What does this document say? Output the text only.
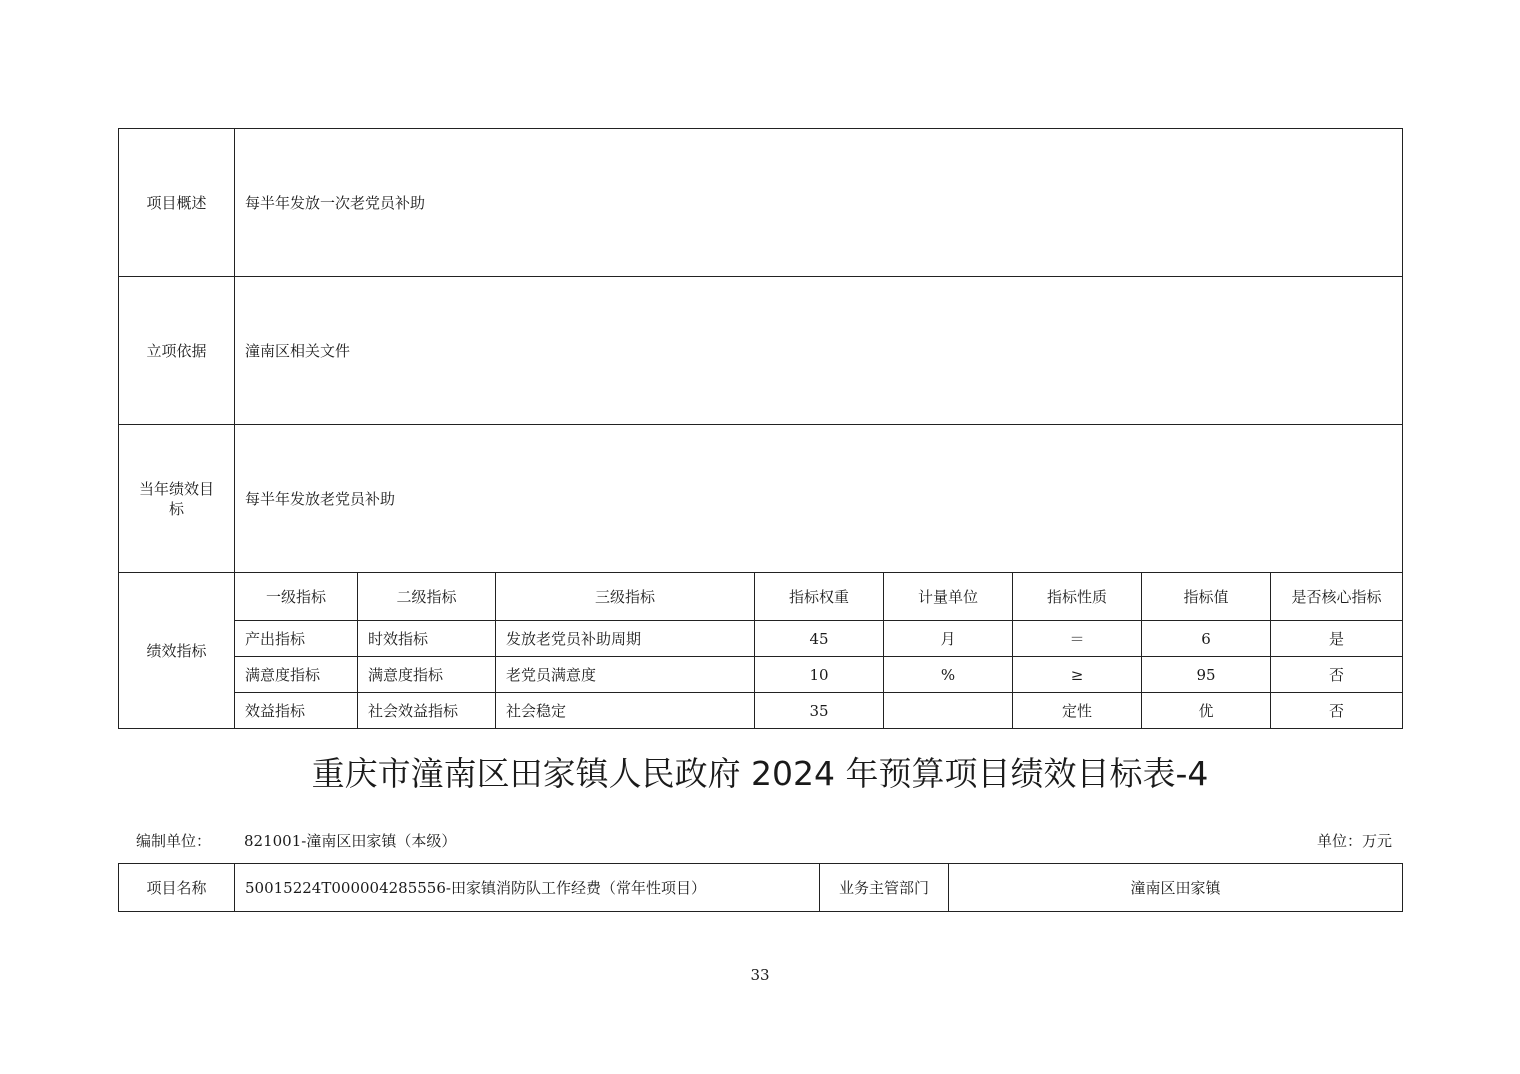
项目概述	每半年发放一次老党员补助							
立项依据	潼南区相关文件							

当年绩效目
标	每半年发放老党员补助							
绩效指标	一级指标	二级指标	三级指标	指标权重	计量单位	指标性质	指标值	是否核心指标
	产出指标	时效指标	发放老党员补助周期	45	月	＝	6	是
	满意度指标	满意度指标	老党员满意度	10	%	≥	95	否
	效益指标	社会效益指标	社会稳定	35		定性	优	否
重庆市潼南区田家镇人民政府 2024 年预算项目绩效目标表-4
编制单位： 821001-潼南区田家镇（本级）	单位：万元
项目名称	50015224T000004285556-田家镇消防队工作经费（常年性项目）	业务主管部门	潼南区田家镇
33
